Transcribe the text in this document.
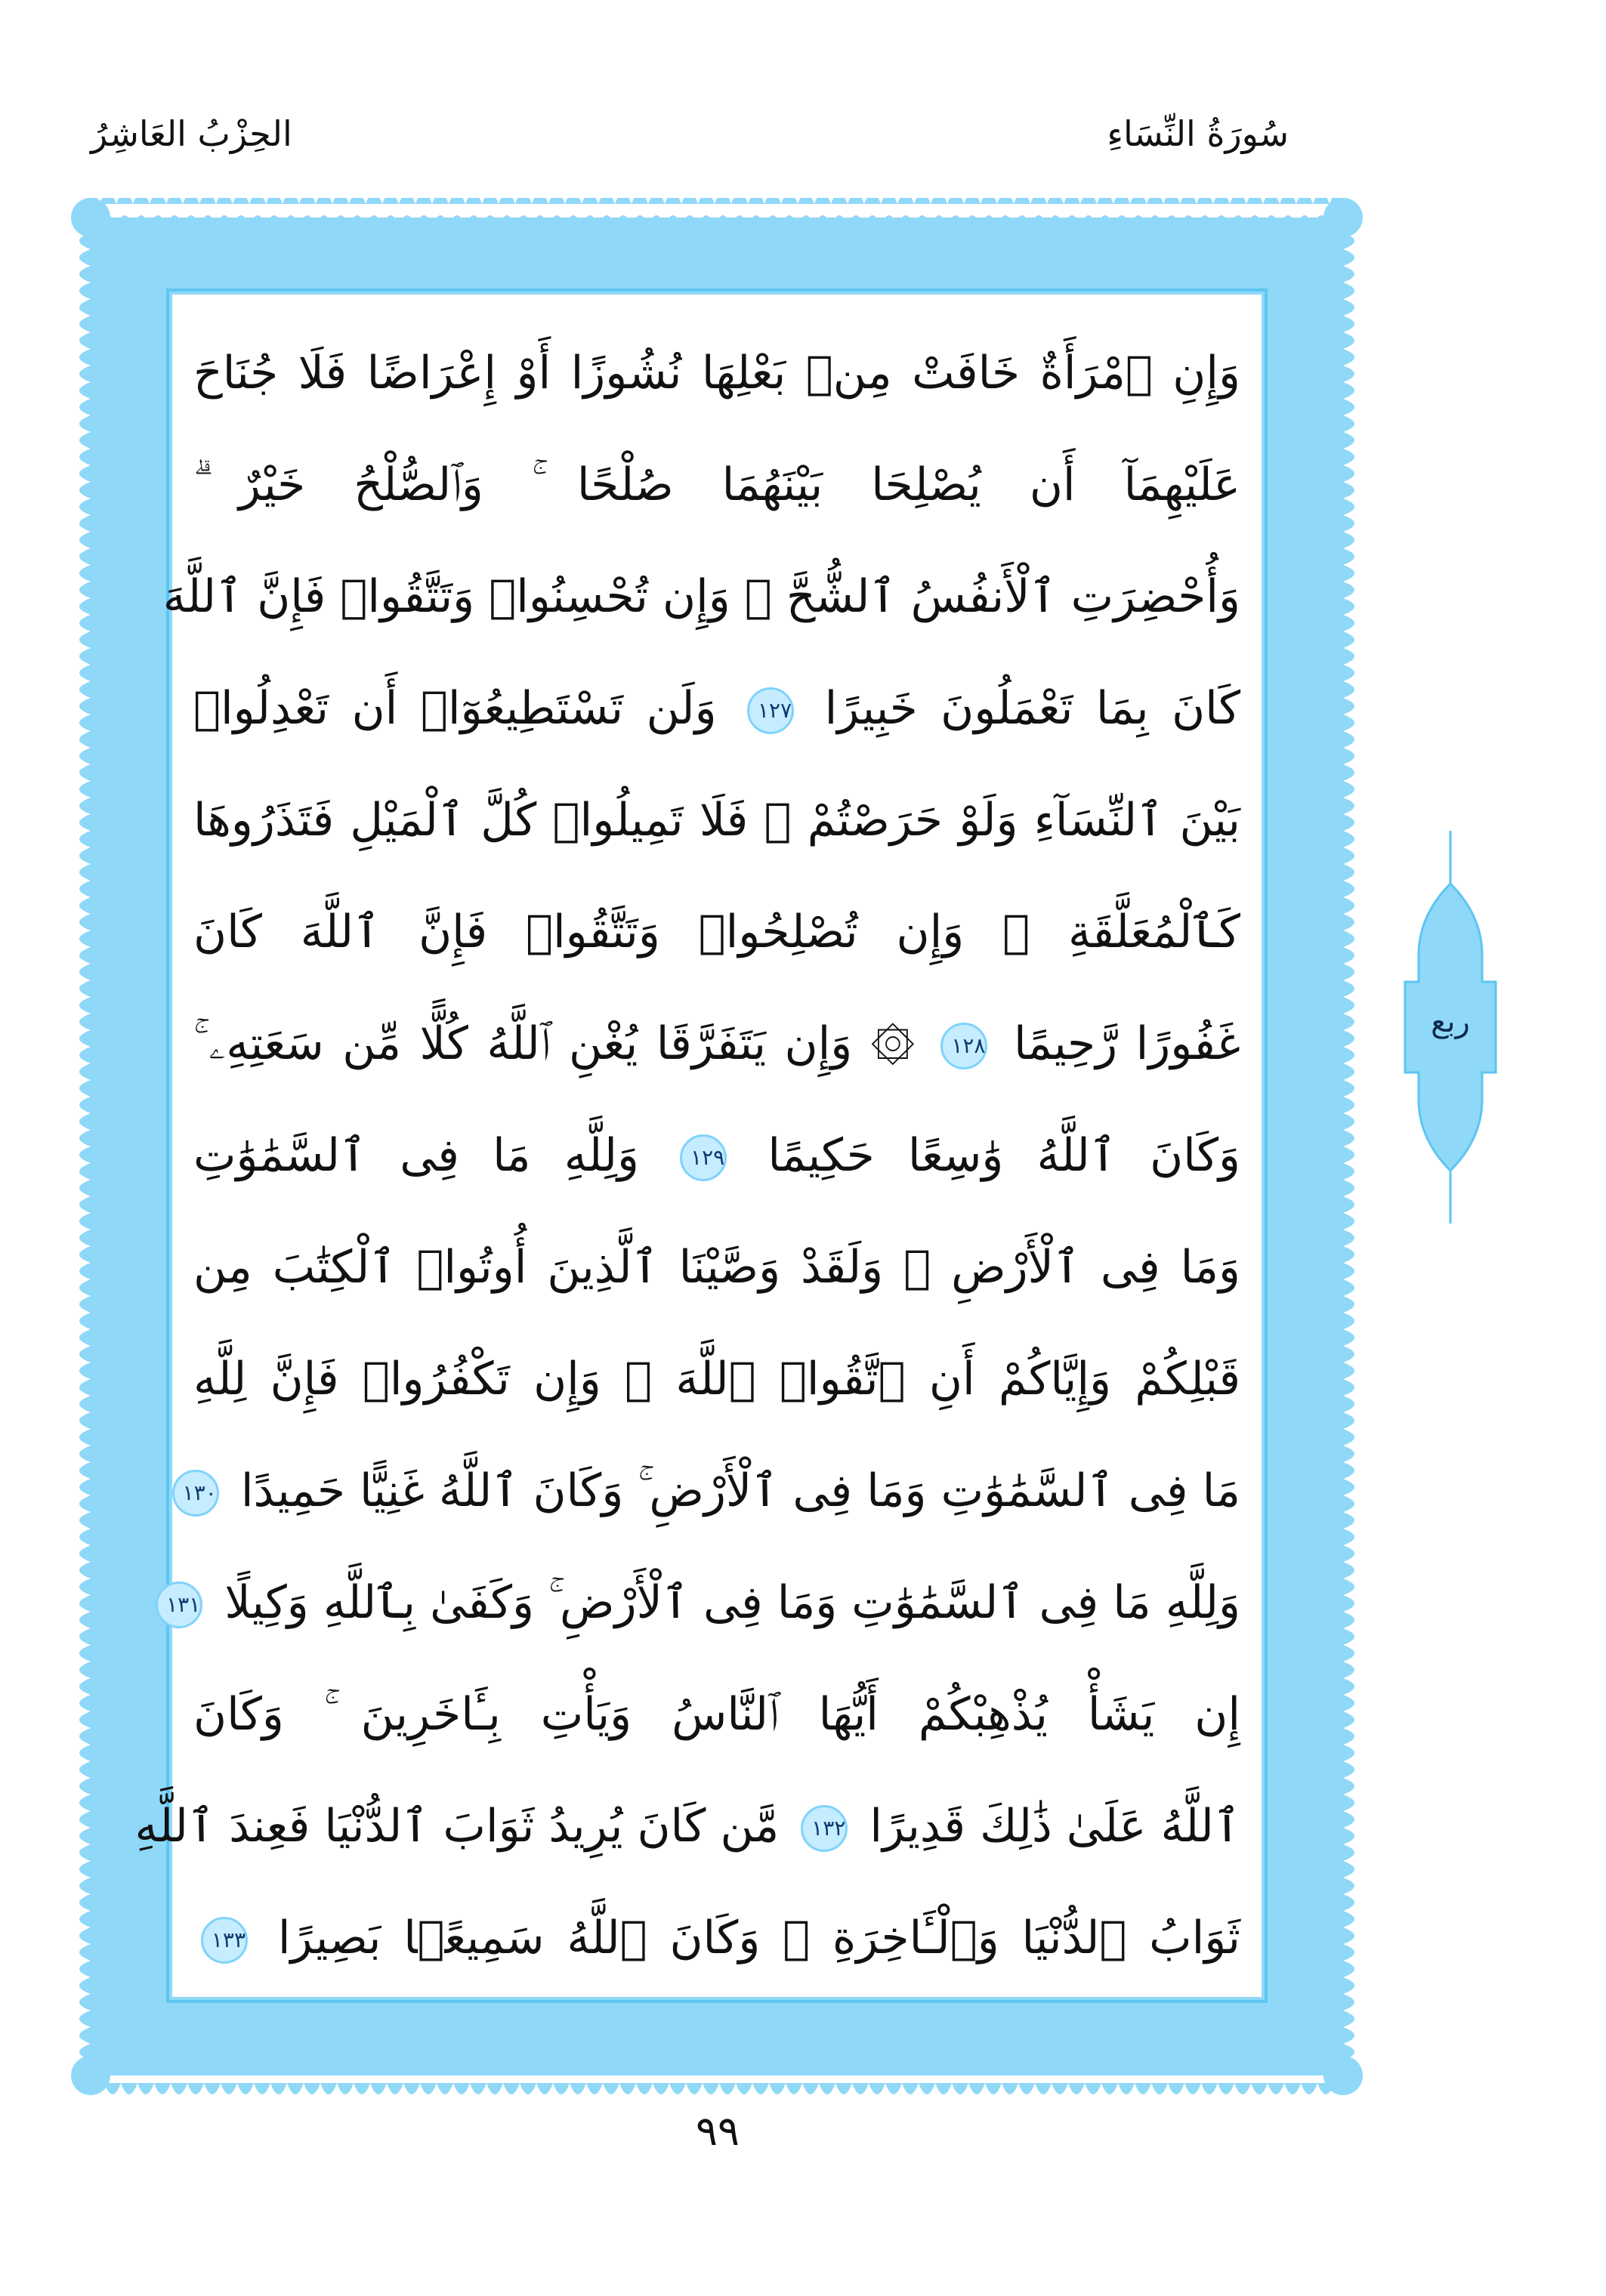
سُورَةُ النِّسَاءِ
الحِزْبُ العَاشِرُ
وَإِنِ ٱمْرَأَةٌ خَافَتْ مِنۢ بَعْلِهَا نُشُوزًا أَوْ إِعْرَاضًا فَلَا جُنَاحَ
عَلَيْهِمَآ أَن يُصْلِحَا بَيْنَهُمَا صُلْحًا ۚ وَٱلصُّلْحُ خَيْرٌ ۗ
وَأُحْضِرَتِ ٱلْأَنفُسُ ٱلشُّحَّ ۚ وَإِن تُحْسِنُوا۟ وَتَتَّقُوا۟ فَإِنَّ ٱللَّهَ
كَانَ بِمَا تَعْمَلُونَ خَبِيرًا ١٢٧ وَلَن تَسْتَطِيعُوٓا۟ أَن تَعْدِلُوا۟
بَيْنَ ٱلنِّسَآءِ وَلَوْ حَرَصْتُمْ ۖ فَلَا تَمِيلُوا۟ كُلَّ ٱلْمَيْلِ فَتَذَرُوهَا
كَٱلْمُعَلَّقَةِ ۚ وَإِن تُصْلِحُوا۟ وَتَتَّقُوا۟ فَإِنَّ ٱللَّهَ كَانَ
غَفُورًا رَّحِيمًا ١٢٨ ۞ وَإِن يَتَفَرَّقَا يُغْنِ ٱللَّهُ كُلًّا مِّن سَعَتِهِۦ ۚ
وَكَانَ ٱللَّهُ وَٰسِعًا حَكِيمًا ١٢٩ وَلِلَّهِ مَا فِى ٱلسَّمَٰوَٰتِ
وَمَا فِى ٱلْأَرْضِ ۗ وَلَقَدْ وَصَّيْنَا ٱلَّذِينَ أُوتُوا۟ ٱلْكِتَٰبَ مِن
قَبْلِكُمْ وَإِيَّاكُمْ أَنِ ٱتَّقُوا۟ ٱللَّهَ ۚ وَإِن تَكْفُرُوا۟ فَإِنَّ لِلَّهِ
مَا فِى ٱلسَّمَٰوَٰتِ وَمَا فِى ٱلْأَرْضِ ۚ وَكَانَ ٱللَّهُ غَنِيًّا حَمِيدًا ١٣٠
وَلِلَّهِ مَا فِى ٱلسَّمَٰوَٰتِ وَمَا فِى ٱلْأَرْضِ ۚ وَكَفَىٰ بِٱللَّهِ وَكِيلًا ١٣١
إِن يَشَأْ يُذْهِبْكُمْ أَيُّهَا ٱلنَّاسُ وَيَأْتِ بِـَٔاخَرِينَ ۚ وَكَانَ
ٱللَّهُ عَلَىٰ ذَٰلِكَ قَدِيرًا ١٣٢ مَّن كَانَ يُرِيدُ ثَوَابَ ٱلدُّنْيَا فَعِندَ ٱللَّهِ
ثَوَابُ ٱلدُّنْيَا وَٱلْـَٔاخِرَةِ ۚ وَكَانَ ٱللَّهُ سَمِيعًۢا بَصِيرًا ١٣٣
ربع
٩٩
